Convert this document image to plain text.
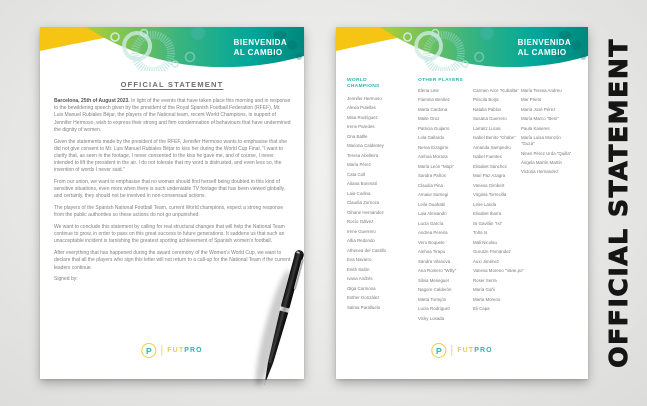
BIENVENIDA
AL CAMBIO
OFFICIAL STATEMENT

Barcelona, 25th of August 2023. In light of the events that have taken place this morning and in response to the bewildering speech given by the president of the Royal Spanish Football Federation (RFEF), Mr. Luis Manuel Rubiales Béjar, the players of the National team, recent World Champions, in support of Jennifer Hermoso, wish to express their strong and firm condemnation of behaviours that have undermined the dignity of women.

Given the statements made by the president of the RFEF, Jennifer Hermoso wants to emphasise that she did not give consent to Mr. Luis Manuel Rubiales Béjar to kiss her during the World Cup Final. "I want to clarify that, as seen in the footage, I never consented to the kiss he gave me, and of course, I never intended to lift the president in the air. I do not tolerate that my word is distrusted, and even less so, the invention of words I never said."

From our union, we want to emphasise that no woman should find herself being doubted in this kind of sensitive situations, even more when there is such undeniable TV footage that has been viewed globally, and certainly, they should not be involved in non-consensual actions.

The players of the Spanish National Football Team, current World champions, expect a strong response from the public authorities so these actions do not go unpunished.

We want to conclude this statement by calling for real structural changes that will help the National Team continue to grow, in order to pass on this great success to future generations. It saddens us that such an unacceptable incident is tarnishing the greatest sporting achievement of Spanish women's football.

After everything that has happened during the award ceremony of the Women's World Cup, we want to declare that all the players who sign this letter will not return to a call-up for the National Team if the current leaders continue.

Signed by:

P	FUTPRO
BIENVENIDA
AL CAMBIO
WORLD CHAMPIONS
OTHER PLAYERS
Jennifer Hermoso
Alexia Putellas
Misa Rodríguez
Irene Paredes
Ona Batlle
Mariona Caldentey
Teresa Abelleira
María Pérez
Cata Coll
Aitana Bonmatí
Laia Codina
Claudia Zornoza
Oihane Hernández
Rocío Gálvez
Irene Guerrero
Alba Redondo
Athenea del Castillo
Eva Navarro
Enith Salón
Ivana Andrés
Olga Carmona
Esther González
Salma Paralluelo
Elena Lete
Fiamma Benítez
Marta Cardona
Maite Oroz
Patricia Guijarro
Lola Gallardo
Nerea Eizagirre
Ainhoa Moraza
María León "Mapi"
Sandra Paños
Claudia Pina
Amaiur Sarriegi
Leila Ouahabi
Laia Aleixandri
Lucía García
Andrea Pereira
Vero Boquete
Ainhoa Tirapu
Sandra Vilanova
Ana Romero "Willy"
Silvia Meseguer
Nagore Calderón
Marta Torrejón
Lucía Rodríguez
Vicky Losada
Carmen Arce "Kubalita"
Priscila Borja
Natalia Pablos
Susana Guerrero
Larraitz Lucas
Isabel Benito "Chabe"
Amanda Sampedro
Isabel Fuentes
Elisabet Sánchez
Mari Paz Azagra
Vanesa Gimbert
Virginia Torrecilla
Leire Landa
Elixabet Ibarra
Isi Gavilán "Isi"
Toña Is
Mali Nicolau
Gurutze Fernandez
Auxi Jiménez
Vanesa Moreno "Vane.po"
Roser Serra
María Goñi
Marta Moreno
Eli Capa
María Teresa Andreu
Mar Prieto
María José Pérez
María Marco "Beni"
Paula Kaseres
María Luisa Monzón "Guza"
Nines Pérez Urda "Quilla"
Ángela Martín Martín
Victoria Hernandez
P	FUTPRO	OFFICIAL STATEMENT
